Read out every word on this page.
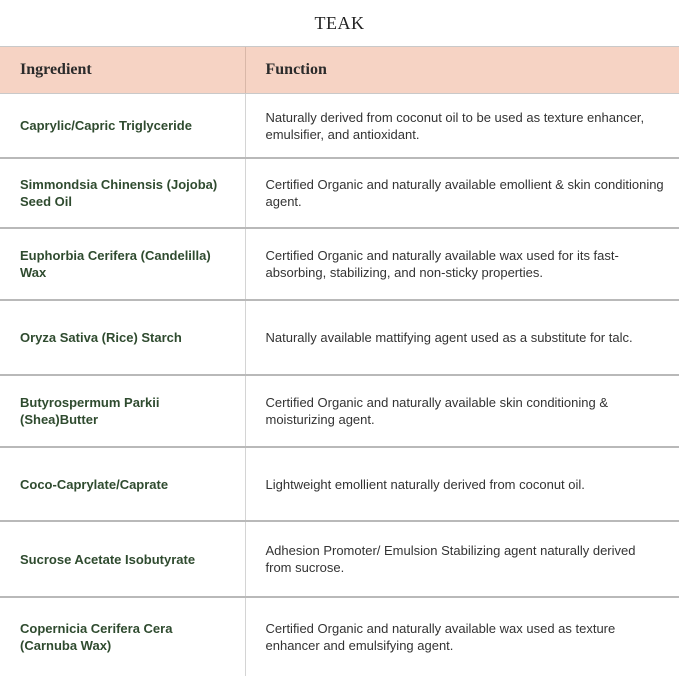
TEAK
Ingredient	Function
Caprylic/Capric Triglyceride	Naturally derived from coconut oil to be used as texture enhancer, emulsifier, and antioxidant.
Simmondsia Chinensis (Jojoba) Seed Oil	Certified Organic and naturally available emollient & skin conditioning agent.
Euphorbia Cerifera (Candelilla) Wax	Certified Organic and naturally available wax used for its fast-absorbing, stabilizing, and non-sticky properties.
Oryza Sativa (Rice) Starch	Naturally available mattifying agent used as a substitute for talc.
Butyrospermum Parkii (Shea)Butter	Certified Organic and naturally available skin conditioning & moisturizing agent.
Coco-Caprylate/Caprate	Lightweight emollient naturally derived from coconut oil.
Sucrose Acetate Isobutyrate	Adhesion Promoter/ Emulsion Stabilizing agent naturally derived from sucrose.
Copernicia Cerifera Cera (Carnuba Wax)	Certified Organic and naturally available wax used as texture enhancer and emulsifying agent.
